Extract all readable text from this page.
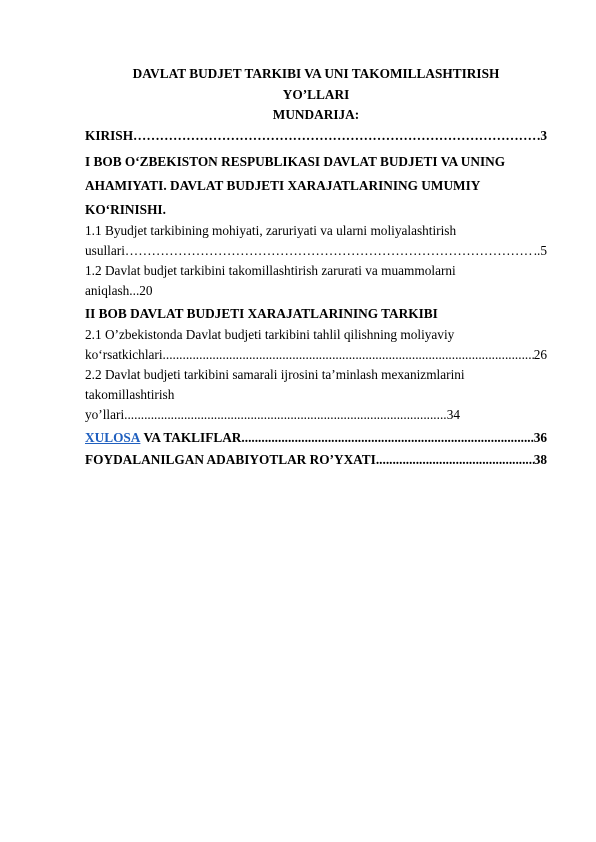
DAVLAT BUDJET TARKIBI VA UNI TAKOMILLASHTIRISH
YO’LLARI
MUNDARIJA:
KIRISH ………………………………………………………………………………………………………………………………………………………………………………	3
I BOB O‘ZBEKISTON RESPUBLIKASI DAVLAT BUDJETI VA UNING
AHAMIYATI. DAVLAT BUDJETI XARAJATLARINING UMUMIY
KO‘RINISHI.
1.1 Byudjet tarkibining mohiyati, zaruriyati va ularni moliyalashtirish
usullari ………………………………………………………………………………………………………………………………………………………………………………	..5
1.2 Davlat budjet tarkibini takomillashtirish zarurati va muammolarni
aniqlash...20
II BOB DAVLAT BUDJETI XARAJATLARINING TARKIBI
2.1 O’zbekistonda Davlat budjeti tarkibini tahlil qilishning moliyaviy
ko‘rsatkichlari .....	26
2.2 Davlat budjeti tarkibini samarali ijrosini ta’minlash mexanizmlarini
takomillashtirish
yo’llari .....	34
XULOSA VA TAKLIFLAR .....	36
FOYDALANILGAN ADABIYOTLAR RO’YXATI .....	38
